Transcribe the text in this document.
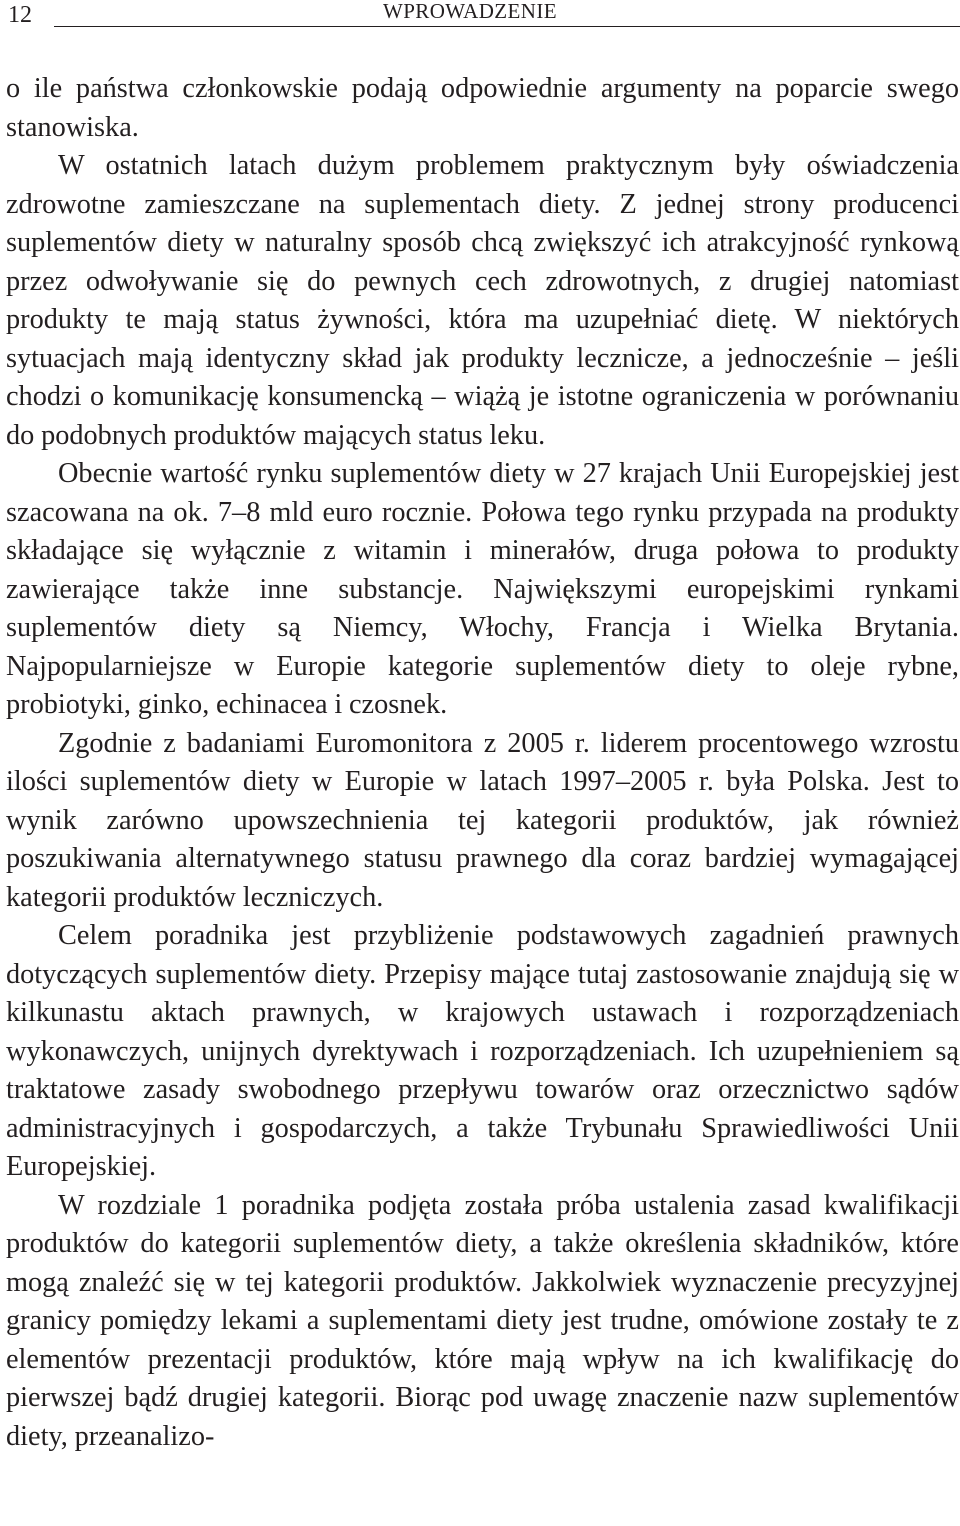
12	WPROWADZENIE

o ile państwa członkowskie podają odpowiednie argumenty na poparcie swego stanowiska.

W ostatnich latach dużym problemem praktycznym były oświadczenia zdrowotne zamieszczane na suplementach diety. Z jednej strony producenci suplementów diety w naturalny sposób chcą zwiększyć ich atrakcyjność rynkową przez odwoływanie się do pewnych cech zdrowotnych, z drugiej natomiast produkty te mają status żywności, która ma uzupełniać dietę. W niektórych sytuacjach mają identyczny skład jak produkty lecznicze, a jednocześnie – jeśli chodzi o komunikację konsumencką – wiążą je istotne ograniczenia w porównaniu do podobnych produktów mających status leku.

Obecnie wartość rynku suplementów diety w 27 krajach Unii Europejskiej jest szacowana na ok. 7–8 mld euro rocznie. Połowa tego rynku przypada na produkty składające się wyłącznie z witamin i minerałów, druga połowa to produkty zawierające także inne substancje. Największymi europejskimi rynkami suplementów diety są Niemcy, Włochy, Francja i Wielka Brytania. Najpopularniejsze w Europie kategorie suplementów diety to oleje rybne, probiotyki, ginko, echinacea i czosnek.

Zgodnie z badaniami Euromonitora z 2005 r. liderem procentowego wzrostu ilości suplementów diety w Europie w latach 1997–2005 r. była Polska. Jest to wynik zarówno upowszechnienia tej kategorii produktów, jak również poszukiwania alternatywnego statusu prawnego dla coraz bardziej wymagającej kategorii produktów leczniczych.

Celem poradnika jest przybliżenie podstawowych zagadnień prawnych dotyczących suplementów diety. Przepisy mające tutaj zastosowanie znajdują się w kilkunastu aktach prawnych, w krajowych ustawach i rozporządzeniach wykonawczych, unijnych dyrektywach i rozporządzeniach. Ich uzupełnieniem są traktatowe zasady swobodnego przepływu towarów oraz orzecznictwo sądów administracyjnych i gospodarczych, a także Trybunału Sprawiedliwości Unii Europejskiej.

W rozdziale 1 poradnika podjęta została próba ustalenia zasad kwalifikacji produktów do kategorii suplementów diety, a także określenia składników, które mogą znaleźć się w tej kategorii produktów. Jakkolwiek wyznaczenie precyzyjnej granicy pomiędzy lekami a suplementami diety jest trudne, omówione zostały te z elementów prezentacji produktów, które mają wpływ na ich kwalifikację do pierwszej bądź drugiej kategorii. Biorąc pod uwagę znaczenie nazw suplementów diety, przeanalizo-
